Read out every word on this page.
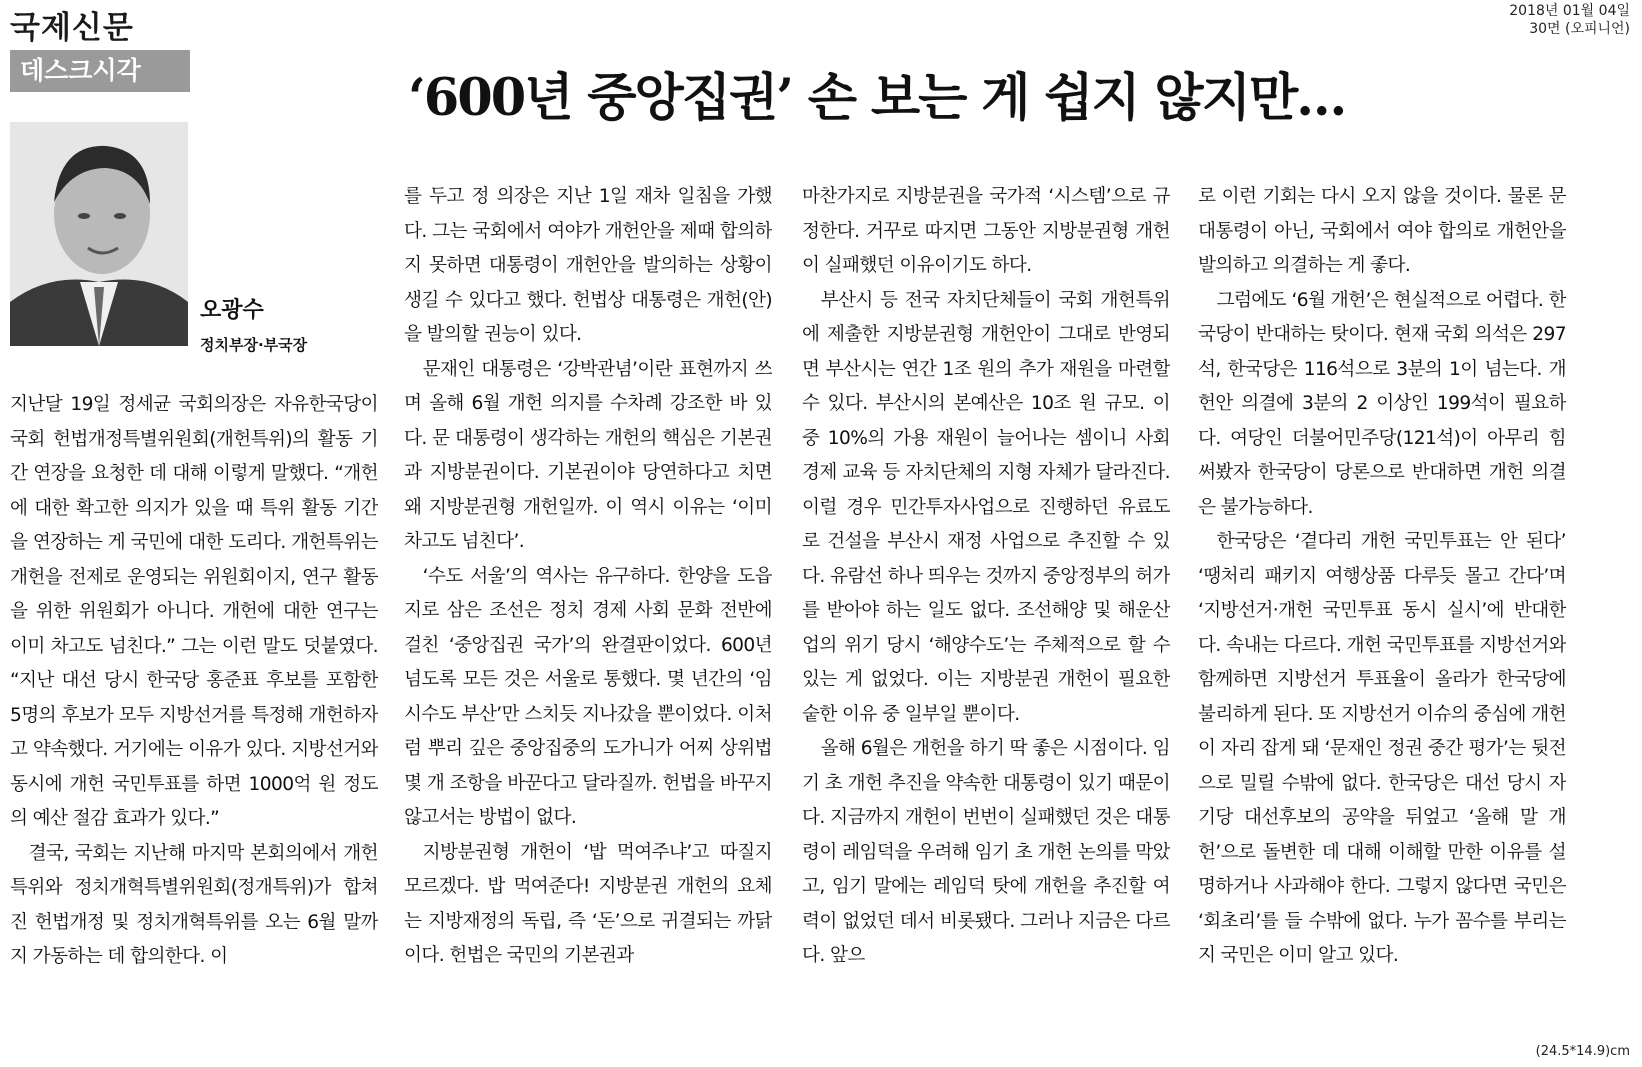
국제신문	2018년 01월 04일
30면 (오피니언)
데스크시각	‘600년 중앙집권’ 손 보는 게 쉽지 않지만…
오광수
정치부장·부국장

지난달 19일 정세균 국회의장은 자유한국당이 국회 헌법개정특별위원회(개헌특위)의 활동 기간 연장을 요청한 데 대해 이렇게 말했다. “개헌에 대한 확고한 의지가 있을 때 특위 활동 기간을 연장하는 게 국민에 대한 도리다. 개헌특위는 개헌을 전제로 운영되는 위원회이지, 연구 활동을 위한 위원회가 아니다. 개헌에 대한 연구는 이미 차고도 넘친다.” 그는 이런 말도 덧붙였다. “지난 대선 당시 한국당 홍준표 후보를 포함한 5명의 후보가 모두 지방선거를 특정해 개헌하자고 약속했다. 거기에는 이유가 있다. 지방선거와 동시에 개헌 국민투표를 하면 1000억 원 정도의 예산 절감 효과가 있다.”

결국, 국회는 지난해 마지막 본회의에서 개헌특위와 정치개혁특별위원회(정개특위)가 합쳐진 헌법개정 및 정치개혁특위를 오는 6월 말까지 가동하는 데 합의한다. 이

를 두고 정 의장은 지난 1일 재차 일침을 가했다. 그는 국회에서 여야가 개헌안을 제때 합의하지 못하면 대통령이 개헌안을 발의하는 상황이 생길 수 있다고 했다. 헌법상 대통령은 개헌(안)을 발의할 권능이 있다.

문재인 대통령은 ‘강박관념’이란 표현까지 쓰며 올해 6월 개헌 의지를 수차례 강조한 바 있다. 문 대통령이 생각하는 개헌의 핵심은 기본권과 지방분권이다. 기본권이야 당연하다고 치면 왜 지방분권형 개헌일까. 이 역시 이유는 ‘이미 차고도 넘친다’.

‘수도 서울’의 역사는 유구하다. 한양을 도읍지로 삼은 조선은 정치 경제 사회 문화 전반에 걸친 ‘중앙집권 국가’의 완결판이었다. 600년 넘도록 모든 것은 서울로 통했다. 몇 년간의 ‘임시수도 부산’만 스치듯 지나갔을 뿐이었다. 이처럼 뿌리 깊은 중앙집중의 도가니가 어찌 상위법 몇 개 조항을 바꾼다고 달라질까. 헌법을 바꾸지 않고서는 방법이 없다.

지방분권형 개헌이 ‘밥 먹여주냐’고 따질지 모르겠다. 밥 먹여준다! 지방분권 개헌의 요체는 지방재정의 독립, 즉 ‘돈’으로 귀결되는 까닭이다. 헌법은 국민의 기본권과

마찬가지로 지방분권을 국가적 ‘시스템’으로 규정한다. 거꾸로 따지면 그동안 지방분권형 개헌이 실패했던 이유이기도 하다.

부산시 등 전국 자치단체들이 국회 개헌특위에 제출한 지방분권형 개헌안이 그대로 반영되면 부산시는 연간 1조 원의 추가 재원을 마련할 수 있다. 부산시의 본예산은 10조 원 규모. 이 중 10%의 가용 재원이 늘어나는 셈이니 사회 경제 교육 등 자치단체의 지형 자체가 달라진다. 이럴 경우 민간투자사업으로 진행하던 유료도로 건설을 부산시 재정 사업으로 추진할 수 있다. 유람선 하나 띄우는 것까지 중앙정부의 허가를 받아야 하는 일도 없다. 조선해양 및 해운산업의 위기 당시 ‘해양수도’는 주체적으로 할 수 있는 게 없었다. 이는 지방분권 개헌이 필요한 숱한 이유 중 일부일 뿐이다.

올해 6월은 개헌을 하기 딱 좋은 시점이다. 임기 초 개헌 추진을 약속한 대통령이 있기 때문이다. 지금까지 개헌이 번번이 실패했던 것은 대통령이 레임덕을 우려해 임기 초 개헌 논의를 막았고, 임기 말에는 레임덕 탓에 개헌을 추진할 여력이 없었던 데서 비롯됐다. 그러나 지금은 다르다. 앞으

로 이런 기회는 다시 오지 않을 것이다. 물론 문 대통령이 아닌, 국회에서 여야 합의로 개헌안을 발의하고 의결하는 게 좋다.

그럼에도 ‘6월 개헌’은 현실적으로 어렵다. 한국당이 반대하는 탓이다. 현재 국회 의석은 297석, 한국당은 116석으로 3분의 1이 넘는다. 개헌안 의결에 3분의 2 이상인 199석이 필요하다. 여당인 더불어민주당(121석)이 아무리 힘써봤자 한국당이 당론으로 반대하면 개헌 의결은 불가능하다.

한국당은 ‘곁다리 개헌 국민투표는 안 된다’ ‘땡처리 패키지 여행상품 다루듯 몰고 간다’며 ‘지방선거·개헌 국민투표 동시 실시’에 반대한다. 속내는 다르다. 개헌 국민투표를 지방선거와 함께하면 지방선거 투표율이 올라가 한국당에 불리하게 된다. 또 지방선거 이슈의 중심에 개헌이 자리 잡게 돼 ‘문재인 정권 중간 평가’는 뒷전으로 밀릴 수밖에 없다. 한국당은 대선 당시 자기당 대선후보의 공약을 뒤엎고 ‘올해 말 개헌’으로 돌변한 데 대해 이해할 만한 이유를 설명하거나 사과해야 한다. 그렇지 않다면 국민은 ‘회초리’를 들 수밖에 없다. 누가 꼼수를 부리는지 국민은 이미 알고 있다.

(24.5*14.9)cm
